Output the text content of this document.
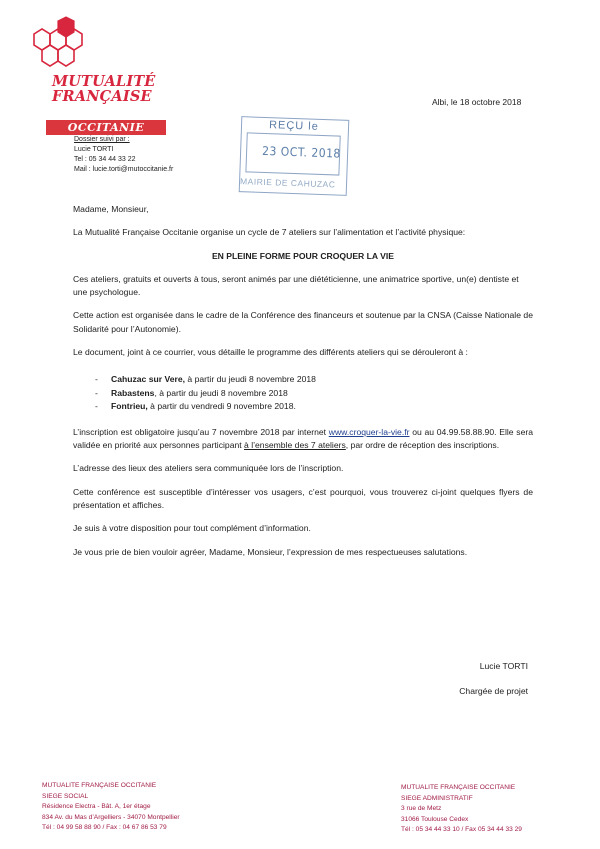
MUTUALITÉ
FRANÇAISE
OCCITANIE
Dossier suivi par :
Lucie TORTI
Tel : 05 34 44 33 22
Mail : lucie.torti@mutoccitanie.fr
Albi, le 18 octobre 2018
REÇU le
23 OCT. 2018
MAIRIE DE CAHUZAC

Madame, Monsieur,

La Mutualité Française Occitanie organise un cycle de 7 ateliers sur l’alimentation et l’activité physique:

EN PLEINE FORME POUR CROQUER LA VIE

Ces ateliers, gratuits et ouverts à tous, seront animés par une diététicienne, une animatrice sportive, un(e) dentiste et une psychologue.

Cette action est organisée dans le cadre de la Conférence des financeurs et soutenue par la CNSA (Caisse Nationale de Solidarité pour l’Autonomie).

Le document, joint à ce courrier, vous détaille le programme des différents ateliers qui se dérouleront à :

- Cahuzac sur Vere, à partir du jeudi 8 novembre 2018
- Rabastens, à partir du jeudi 8 novembre 2018
- Fontrieu, à partir du vendredi 9 novembre 2018.

L’inscription est obligatoire jusqu’au 7 novembre 2018 par internet www.croquer-la-vie.fr ou au 04.99.58.88.90. Elle sera validée en priorité aux personnes participant à l’ensemble des 7 ateliers, par ordre de réception des inscriptions.

L’adresse des lieux des ateliers sera communiquée lors de l’inscription.

Cette conférence est susceptible d’intéresser vos usagers, c’est pourquoi, vous trouverez ci-joint quelques flyers de présentation et affiches.

Je suis à votre disposition pour tout complément d’information.

Je vous prie de bien vouloir agréer, Madame, Monsieur, l’expression de mes respectueuses salutations.

Lucie TORTI
Chargée de projet
MUTUALITE FRANÇAISE OCCITANIE
SIEGE SOCIAL
Résidence Electra - Bât. A, 1er étage
834 Av. du Mas d’Argelliers - 34070 Montpellier
Tél : 04 99 58 88 90 / Fax : 04 67 86 53 79
MUTUALITE FRANÇAISE OCCITANIE
SIEGE ADMINISTRATIF
3 rue de Metz
31066 Toulouse Cedex
Tél : 05 34 44 33 10 / Fax 05 34 44 33 29
